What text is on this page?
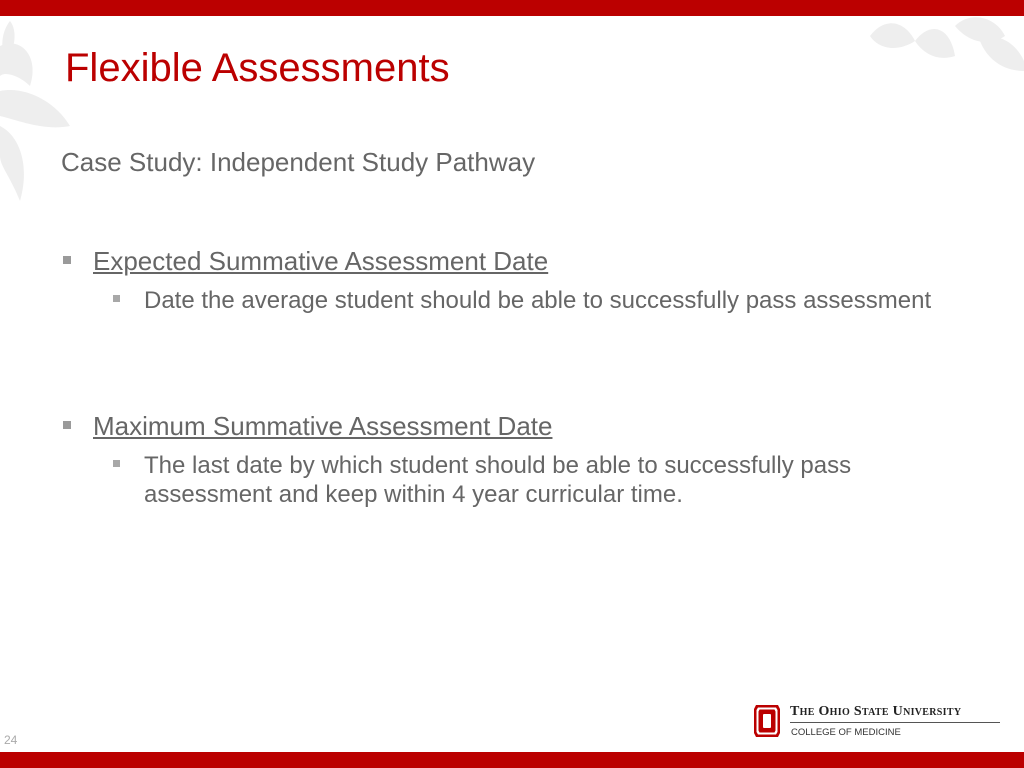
Flexible Assessments

Case Study: Independent Study Pathway

Expected Summative Assessment Date
Date the average student should be able to successfully pass assessment
Maximum Summative Assessment Date
The last date by which student should be able to successfully pass assessment and keep within 4 year curricular time.
24
The Ohio State University
COLLEGE OF MEDICINE
